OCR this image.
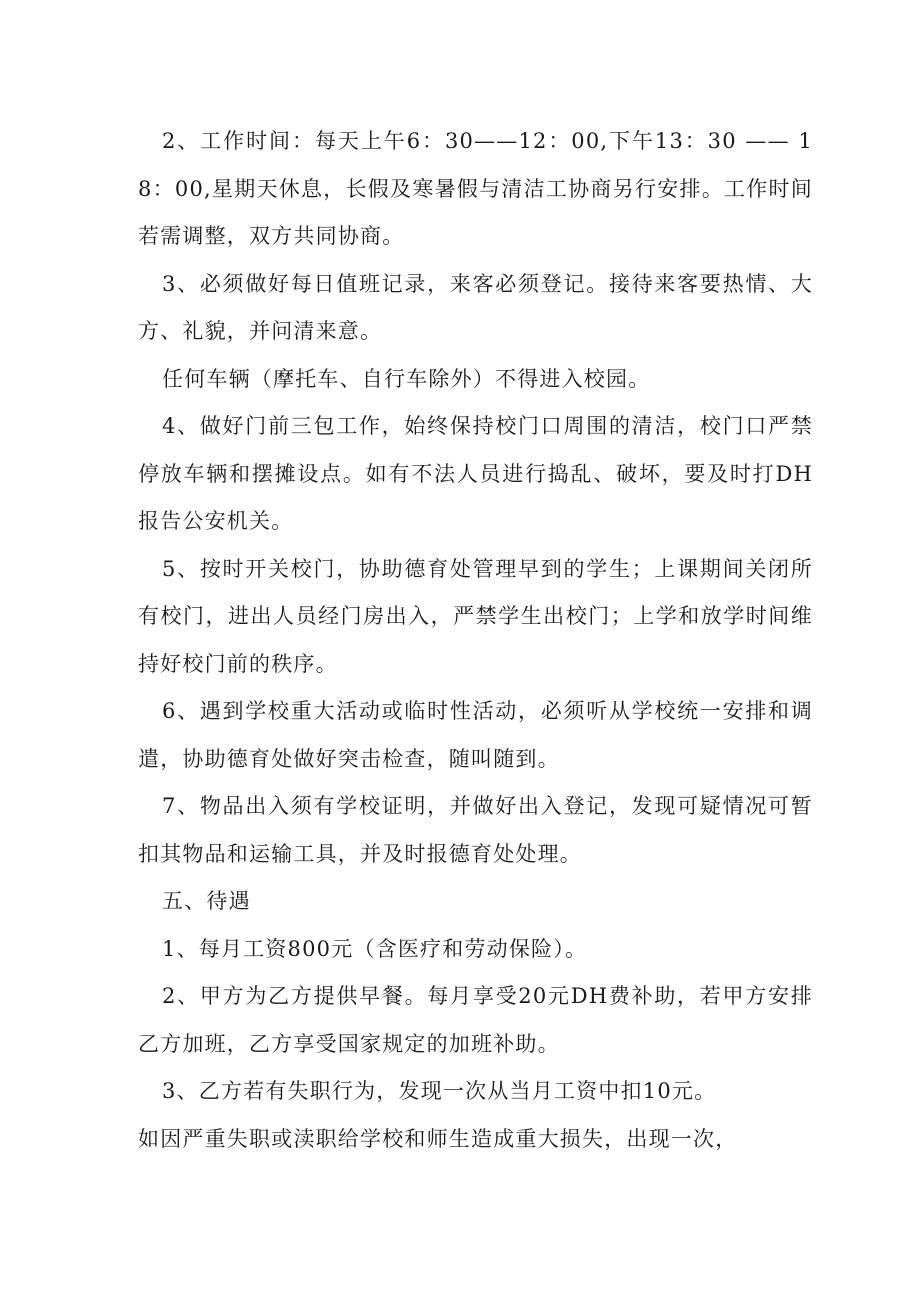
2、工作时间：每天上午6：30——12：00,下午13：30 —— 18：00,星期天休息，长假及寒暑假与清洁工协商另行安排。工作时间若需调整，双方共同协商。

3、必须做好每日值班记录，来客必须登记。接待来客要热情、大方、礼貌，并问清来意。

任何车辆（摩托车、自行车除外）不得进入校园。

4、做好门前三包工作，始终保持校门口周围的清洁，校门口严禁停放车辆和摆摊设点。如有不法人员进行捣乱、破坏，要及时打DH报告公安机关。

5、按时开关校门，协助德育处管理早到的学生；上课期间关闭所有校门，进出人员经门房出入，严禁学生出校门；上学和放学时间维持好校门前的秩序。

6、遇到学校重大活动或临时性活动，必须听从学校统一安排和调遣，协助德育处做好突击检查，随叫随到。

7、物品出入须有学校证明，并做好出入登记，发现可疑情况可暂扣其物品和运输工具，并及时报德育处处理。

五、待遇

1、每月工资800元（含医疗和劳动保险）。

2、甲方为乙方提供早餐。每月享受20元DH费补助，若甲方安排乙方加班，乙方享受国家规定的加班补助。

3、乙方若有失职行为，发现一次从当月工资中扣10元。

如因严重失职或渎职给学校和师生造成重大损失，出现一次，
